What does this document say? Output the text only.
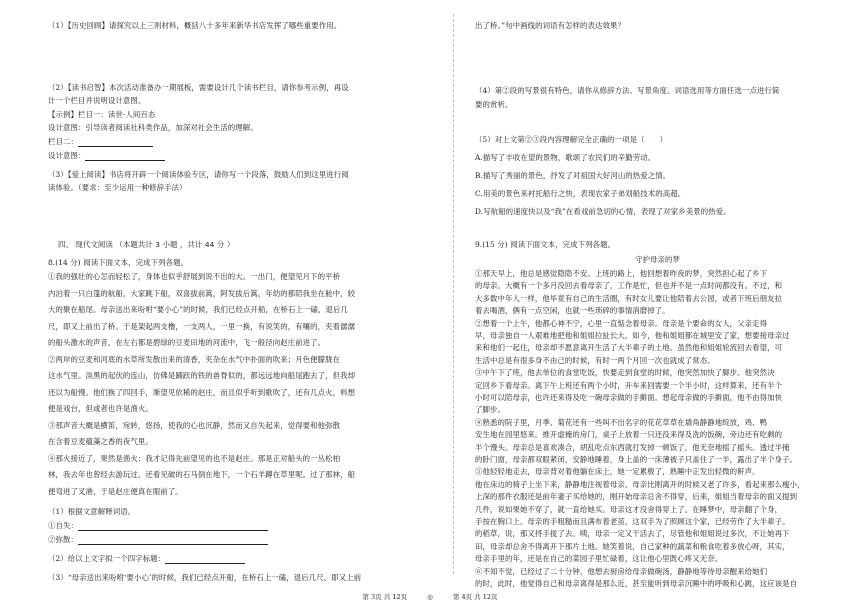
（1）【历史回顾】请探究以上三则材料，概括八十多年来新华书店发挥了哪些重要作用。
（2）【读书启智】本次活动准备办一期展板，需要设计几个读书栏目，请你参考示例，再设
计一个栏目并说明设计意图。
【示例】栏目一：读世·人间百态
设计意图：引导读者阅读社科类作品，加深对社会生活的理解。
栏目二：
设计意图：
（3）【爱上阅读】书店将开辟一个阅读体验专区，请你写一个段落，鼓励人们到这里进行阅
读体验。（要求：至少运用一种修辞手法）
四、 现代文阅读 （本题共计 3 小题 ，共计 44 分 ）
8.(14 分) 阅读下面文本，完成下列各题。
①我的强壮的心怎而轻松了，身体也似乎舒展到说不出的大。一出门，便望见月下的平桥
内泊着一只白篷的航船，大家跳下船，双喜拔前篙，阿发拔后篙，年幼的都陪我坐在舱中，较
大的聚在船尾。母亲送出来吩咐“要小心”的时候，我们已经点开船，在桥石上一磕，退后几
尺，即又上前出了桥。于是架起两支橹，一支两人，一里一换，有说笑的，有嚷的，夹着潺潺
的船头激水的声音，在左右都是碧绿的豆麦田地的河流中，飞一般径向赵庄前进了。
②两岸的豆麦和河底的水草所发散出来的清香，夹杂在水气中扑面的吹来；月色便朦胧在
这水气里。淡黑的起伏的连山，仿佛是踊跃的铁的兽脊似的，都远远地向船尾跑去了，但我却
还以为船慢。他们换了四回手，渐望见依稀的赵庄，而且似乎听到歌吹了，还有几点火，料想
便是戏台，但或者也许是渔火。
③那声音大概是横笛，宛转，悠扬，使我的心也沉静，然而又自失起来，觉得要和他弥散
在含着豆麦蕴藻之香的夜气里。
④那火接近了，果然是渔火；我才记得先前望见的也不是赵庄。那是正对船头的一丛松柏
林，我去年也曾经去游玩过，还看见破的石马倒在地下，一个石羊蹲在草里呢。过了那林，船
便弯进了叉港，于是赵庄便真在眼前了。
（1）根据文意解释词语。
①自失：
②弥散：
（2）给以上文字拟一个四字标题：
（3）“母亲送出来吩咐‘要小心’的时候，我们已经点开船，在桥石上一磕，退后几尺，即又上前
出了桥。”句中画线的词语有怎样的表达效果？
（4）第②段的写景很有特色，请你从修辞方法、写景角度、词语选用等方面任选一点进行简
要的赏析。
（5）对上文第②③段内容理解完全正确的一项是（　　）
A.描写了丰收在望的景物，歌颂了农民们的辛勤劳动。
B.描写了秀丽的景色，抒发了对祖国大好河山的热爱之情。
C.用美的景色来衬托船行之快，表现农家子弟划船技术的高超。
D.写航船的速度快以及“我”在看戏前急切的心情，表现了对家乡美景的热爱。
9.(15 分) 阅读下面文本，完成下列各题。
守护母亲的梦
①那天早上，他总是感觉隐隐不安。上班的路上，他回想着昨夜的梦，突然担心起了乡下
的母亲。大概有一个多月没回去看母亲了，工作是忙，但也并不是一点时间都没有。不过，和
大多数中年人一样，他毕竟有自己的生活圈，有时女儿要让他陪着去公园，或者下班后朋友拉
着去喝酒，俩有一点空闲，也就一些琐碎的事情消磨掉了。
②想着一个上午，他都心神不宁，心里一直惦念着母亲。母亲是个要命的女人，父亲走得
早，母亲独自一人艰难地把他和姐姐拉扯长大。如今，他和姐姐都在城里安了家，想要接母亲过
来和他们一起住，母亲却不愿意离开生活了大半辈子的土地。虽然他和姐姐轮流回去看望，可
生活中总是有很多身不由己的时候，有时一两个月回一次也就成了常态。
③中午下了班，他去单位的食堂吃饭，快要走到食堂的时候，他突然加快了脚步。他突然决
定回乡下看母亲。离下午上班还有两个小时，开车来回需要一个半小时，这样算来，还有半个
小时可以陪母亲，也许还来得及吃一碗母亲做的手擀面。想起母亲做的手擀面，他不由得加快
了脚步。
④熟悉的院子里，月季、菊花还有一些叫不出名字的花花草草在墙角静静地绽放，鸡、鸭
安生地在园里悠来。推开虚掩的房门，桌子上放着一只还没来得及洗的饭碗，旁边还有吃剩的
半个馒头。母亲总是喜欢凑合，胡乱吃点东西就打发掉一顿饭了，他无奈地摇了摇头。透过半掩
的卧门窗，母亲都双眼紧闭，安静地睡着，身上盖的一床薄被子只盖住了一半，露出了半个身子。
⑤他轻轻地走去，母亲背对着他躺在床上，她一定累极了，熟睡中正发出轻微的鼾声。
他在床边的椅子上坐下来，静静地注视着母亲。母亲比刚离开的时候又老了许多，看起来那么瘦小，
上深的那件衣服还是前年妻子买给她的，刚开始母亲总舍不得穿，后来，姐姐当着母亲的面又提到
几件，说如果她不穿了，就一直给她买。母亲这才没舍得穿上了。在睡梦中，母亲翻了个身，
手按在胸口上。母亲的手粗糙而且满布着老茧，这双手为了照顾这个家，已经劳作了大半辈子。
的稻草，说，那又捋手拢了去。咦，母亲一定又干活去了，尽管他和姐姐说过多次，不让她再下
田，母亲却总舍不得离开下那片土地。她笑着说，自己家种的蔬菜和粮食吃着多放心呀，其实，
母亲手里的年，还是在自己的菜园子里忙碌着，这让他心里既心疼又无奈。
⑥不知不觉，已经过了二十分钟，他想去厨房给母亲做碗汤，静静地等待母亲醒来给她们
的时，此时，他觉得自己和母亲离得是那么近，甚至能听到母亲沉睡中的呼吸和心跳，这应该是自
第 3页 共 12页	◎	第 4页 共 12页
